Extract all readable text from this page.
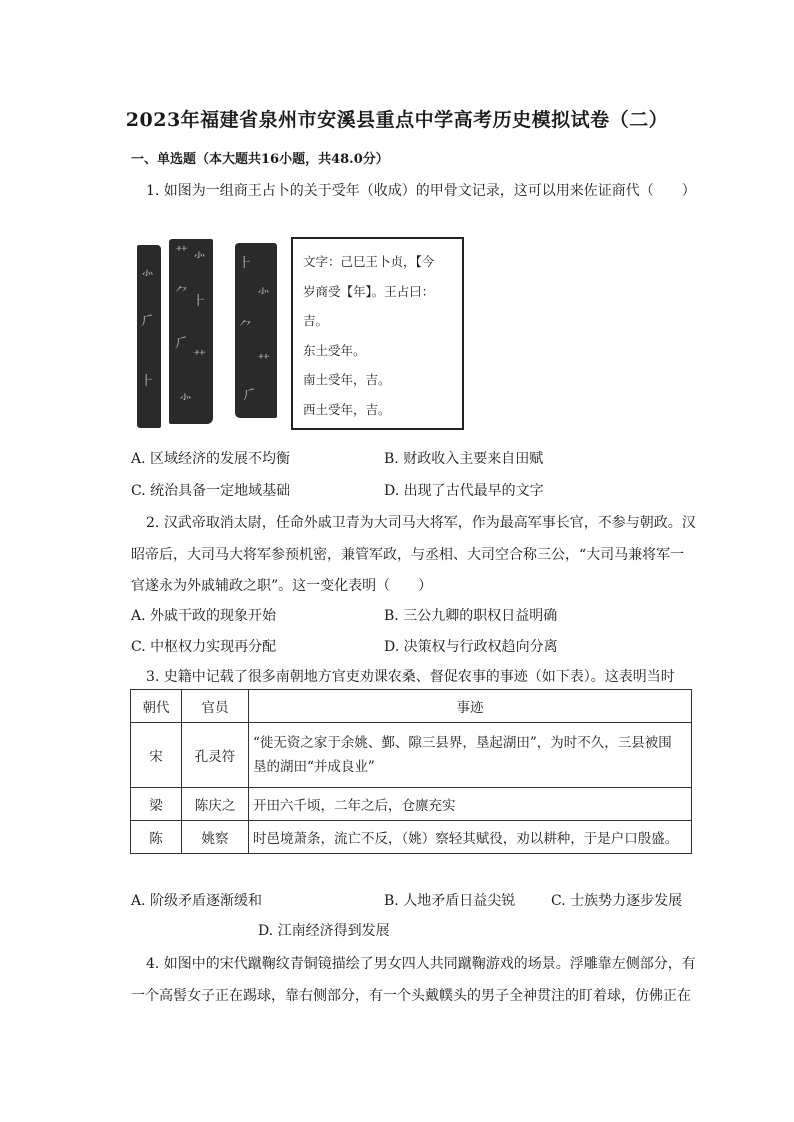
2023年福建省泉州市安溪县重点中学高考历史模拟试卷（二）
一、单选题（本大题共16小题，共48.0分）
1. 如图为一组商王占卜的关于受年（收成）的甲骨文记录，这可以用来佐证商代（　　）
⺗
⺁
⺊
⺿ ⺗
⺈
⺊
⺁
⺿
⺗
⺊
⺗
⺈
⺿
⺁
文字：己巳王卜贞，【今
岁商受【年】。王占曰：
吉。
东土受年。
南土受年，吉。
西土受年，吉。
A. 区域经济的发展不均衡	B. 财政收入主要来自田赋
C. 统治具备一定地域基础	D. 出现了古代最早的文字
2. 汉武帝取消太尉，任命外戚卫青为大司马大将军，作为最高军事长官，不参与朝政。汉
昭帝后，大司马大将军参预机密，兼管军政，与丞相、大司空合称三公，“大司马兼将军一
官遂永为外戚辅政之职”。这一变化表明（　　）
A. 外戚干政的现象开始	B. 三公九卿的职权日益明确
C. 中枢权力实现再分配	D. 决策权与行政权趋向分离
3. 史籍中记载了很多南朝地方官吏劝课农桑、督促农事的事迹（如下表）。这表明当时
朝代	官员	事迹
宋	孔灵符	“徙无资之家于余姚、鄞、隙三县界，垦起湖田”，为时不久，三县被围
垦的湖田“并成良业”

梁	陈庆之	开田六千顷，二年之后，仓廪充实
陈	姚察	时邑境萧条，流亡不反，（姚）察轻其赋役，劝以耕种，于是户口殷盛。
A. 阶级矛盾逐渐缓和	B. 人地矛盾日益尖锐	C. 士族势力逐步发展
D. 江南经济得到发展
4. 如图中的宋代蹴鞠纹青铜镜描绘了男女四人共同蹴鞠游戏的场景。浮雕靠左侧部分，有
一个高髻女子正在踢球，靠右侧部分，有一个头戴幞头的男子全神贯注的盯着球，仿佛正在
